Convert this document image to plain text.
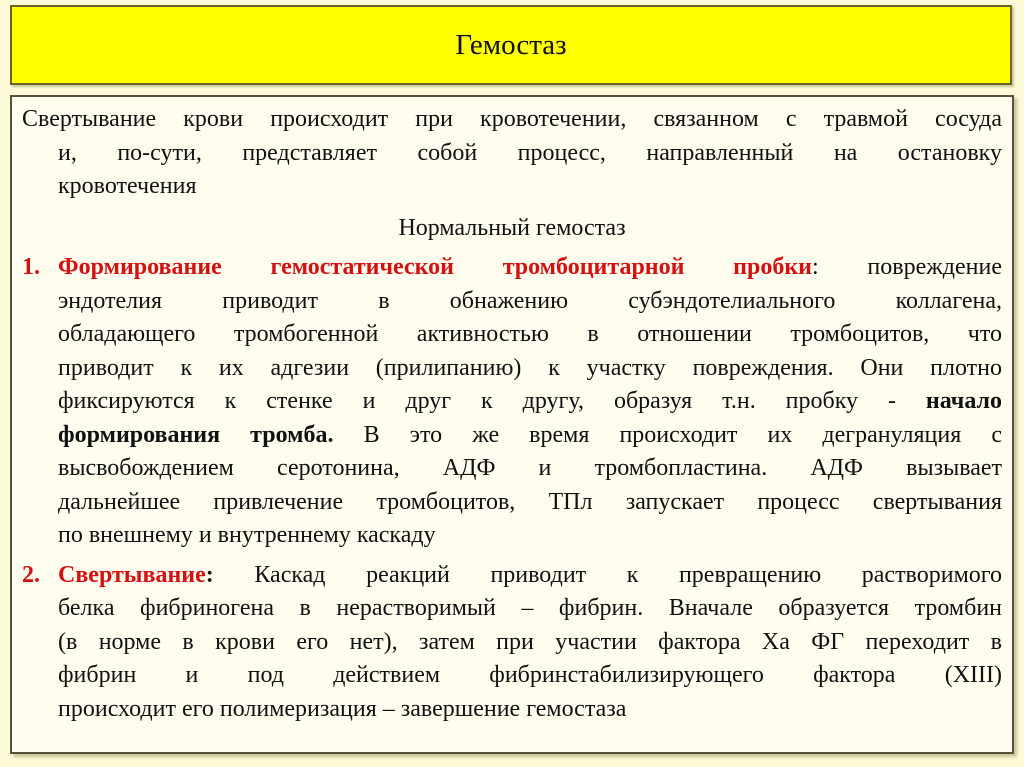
Гемостаз
Свертывание крови происходит при кровотечении, связанном с травмой сосуда
и, по-сути, представляет собой процесс, направленный на остановку
кровотечения
Нормальный гемостаз
1. Формирование гемостатической тромбоцитарной пробки: повреждение
эндотелия приводит в обнажению субэндотелиального коллагена,
обладающего тромбогенной активностью в отношении тромбоцитов, что
приводит к их адгезии (прилипанию) к участку повреждения. Они плотно
фиксируются к стенке и друг к другу, образуя т.н. пробку - начало
формирования тромба. В это же время происходит их дегрануляция с
высвобождением серотонина, АДФ и тромбопластина. АДФ вызывает
дальнейшее привлечение тромбоцитов, ТПл запускает процесс свертывания
по внешнему и внутреннему каскаду
2. Свертывание: Каскад реакций приводит к превращению растворимого
белка фибриногена в нерастворимый – фибрин. Вначале образуется тромбин
(в норме в крови его нет), затем при участии фактора Ха ФГ переходит в
фибрин и под действием фибринстабилизирующего фактора (XIII)
происходит его полимеризация – завершение гемостаза
